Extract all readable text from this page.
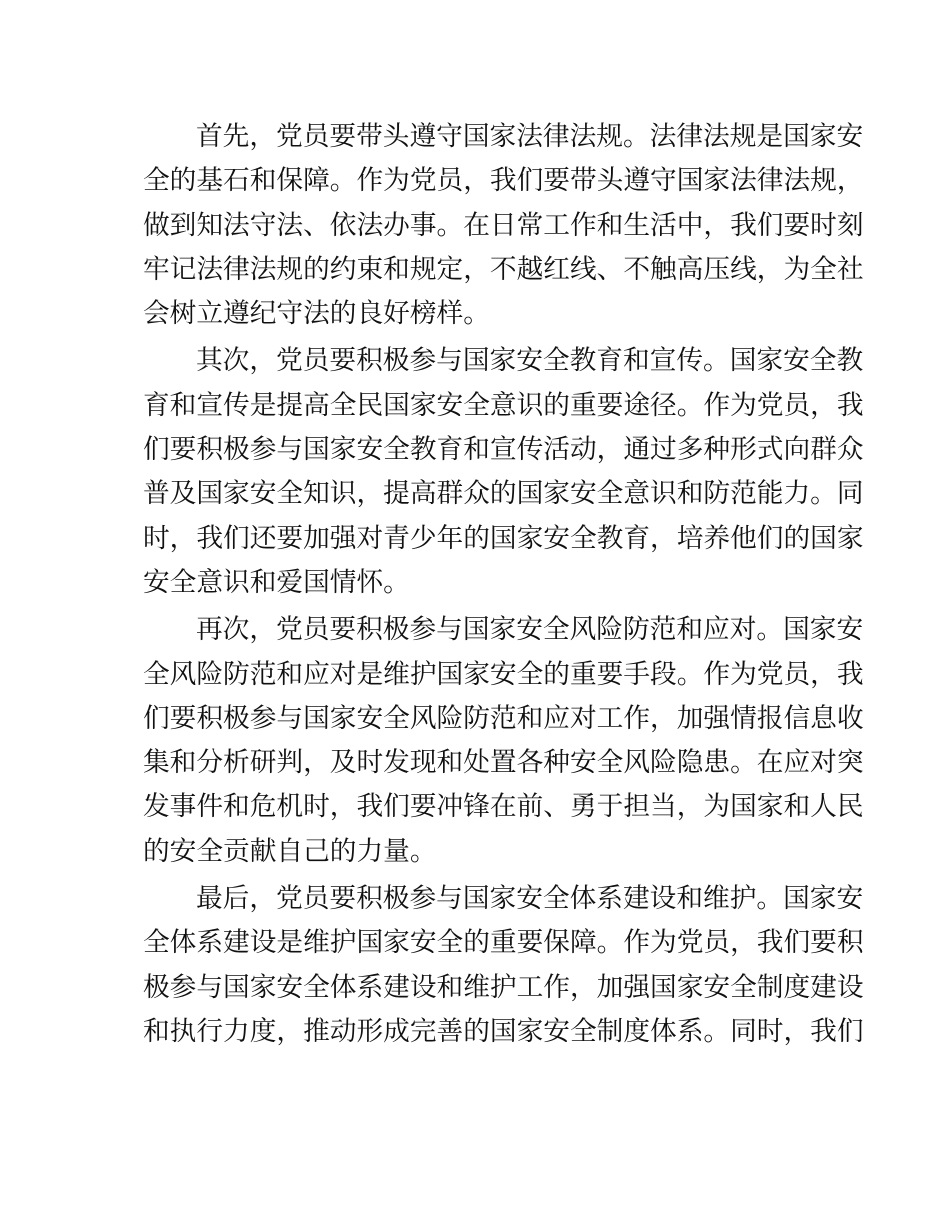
首先，党员要带头遵守国家法律法规。法律法规是国家安
全的基石和保障。作为党员，我们要带头遵守国家法律法规，
做到知法守法、依法办事。在日常工作和生活中，我们要时刻
牢记法律法规的约束和规定，不越红线、不触高压线，为全社
会树立遵纪守法的良好榜样。
其次，党员要积极参与国家安全教育和宣传。国家安全教
育和宣传是提高全民国家安全意识的重要途径。作为党员，我
们要积极参与国家安全教育和宣传活动，通过多种形式向群众
普及国家安全知识，提高群众的国家安全意识和防范能力。同
时，我们还要加强对青少年的国家安全教育，培养他们的国家
安全意识和爱国情怀。
再次，党员要积极参与国家安全风险防范和应对。国家安
全风险防范和应对是维护国家安全的重要手段。作为党员，我
们要积极参与国家安全风险防范和应对工作，加强情报信息收
集和分析研判，及时发现和处置各种安全风险隐患。在应对突
发事件和危机时，我们要冲锋在前、勇于担当，为国家和人民
的安全贡献自己的力量。
最后，党员要积极参与国家安全体系建设和维护。国家安
全体系建设是维护国家安全的重要保障。作为党员，我们要积
极参与国家安全体系建设和维护工作，加强国家安全制度建设
和执行力度，推动形成完善的国家安全制度体系。同时，我们
